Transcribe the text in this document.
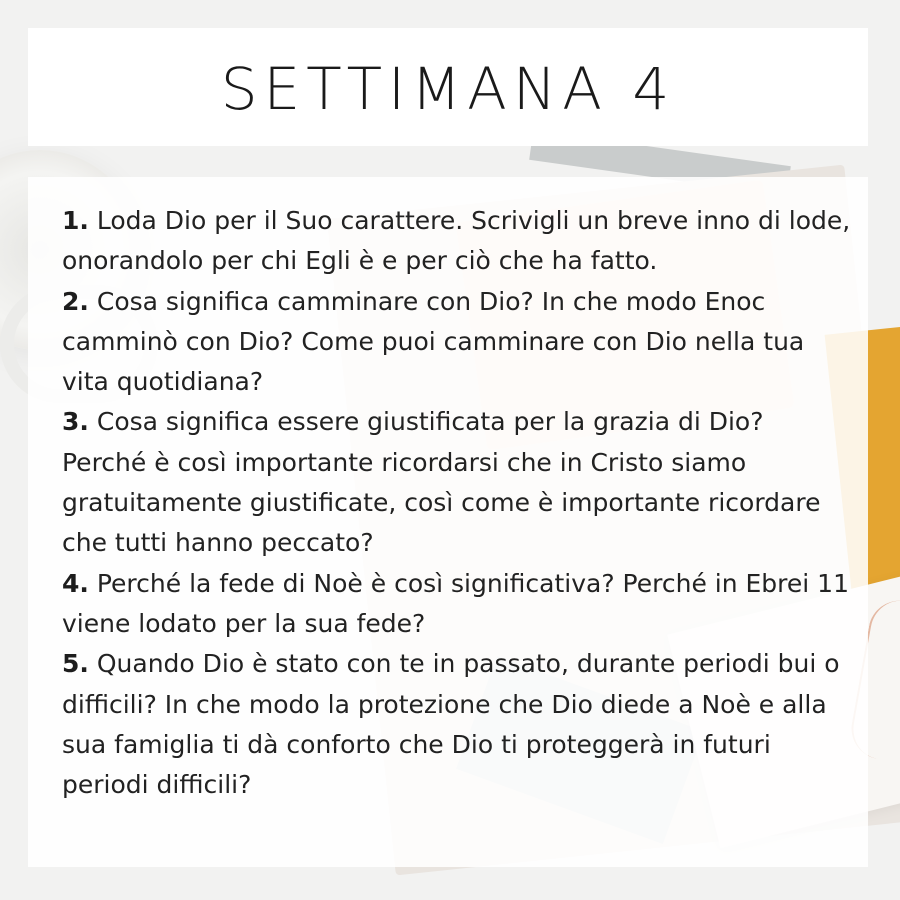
SETTIMANA 4
1. Loda Dio per il Suo carattere. Scrivigli un breve inno di lode, onorandolo per chi Egli è e per ciò che ha fatto.
2. Cosa significa camminare con Dio? In che modo Enoc camminò con Dio? Come puoi camminare con Dio nella tua vita quotidiana?
3. Cosa significa essere giustificata per la grazia di Dio? Perché è così importante ricordarsi che in Cristo siamo gratuitamente giustificate, così come è importante ricordare che tutti hanno peccato?
4. Perché la fede di Noè è così significativa? Perché in Ebrei 11 viene lodato per la sua fede?
5. Quando Dio è stato con te in passato, durante periodi bui o difficili? In che modo la protezione che Dio diede a Noè e alla sua famiglia ti dà conforto che Dio ti proteggerà in futuri periodi difficili?
